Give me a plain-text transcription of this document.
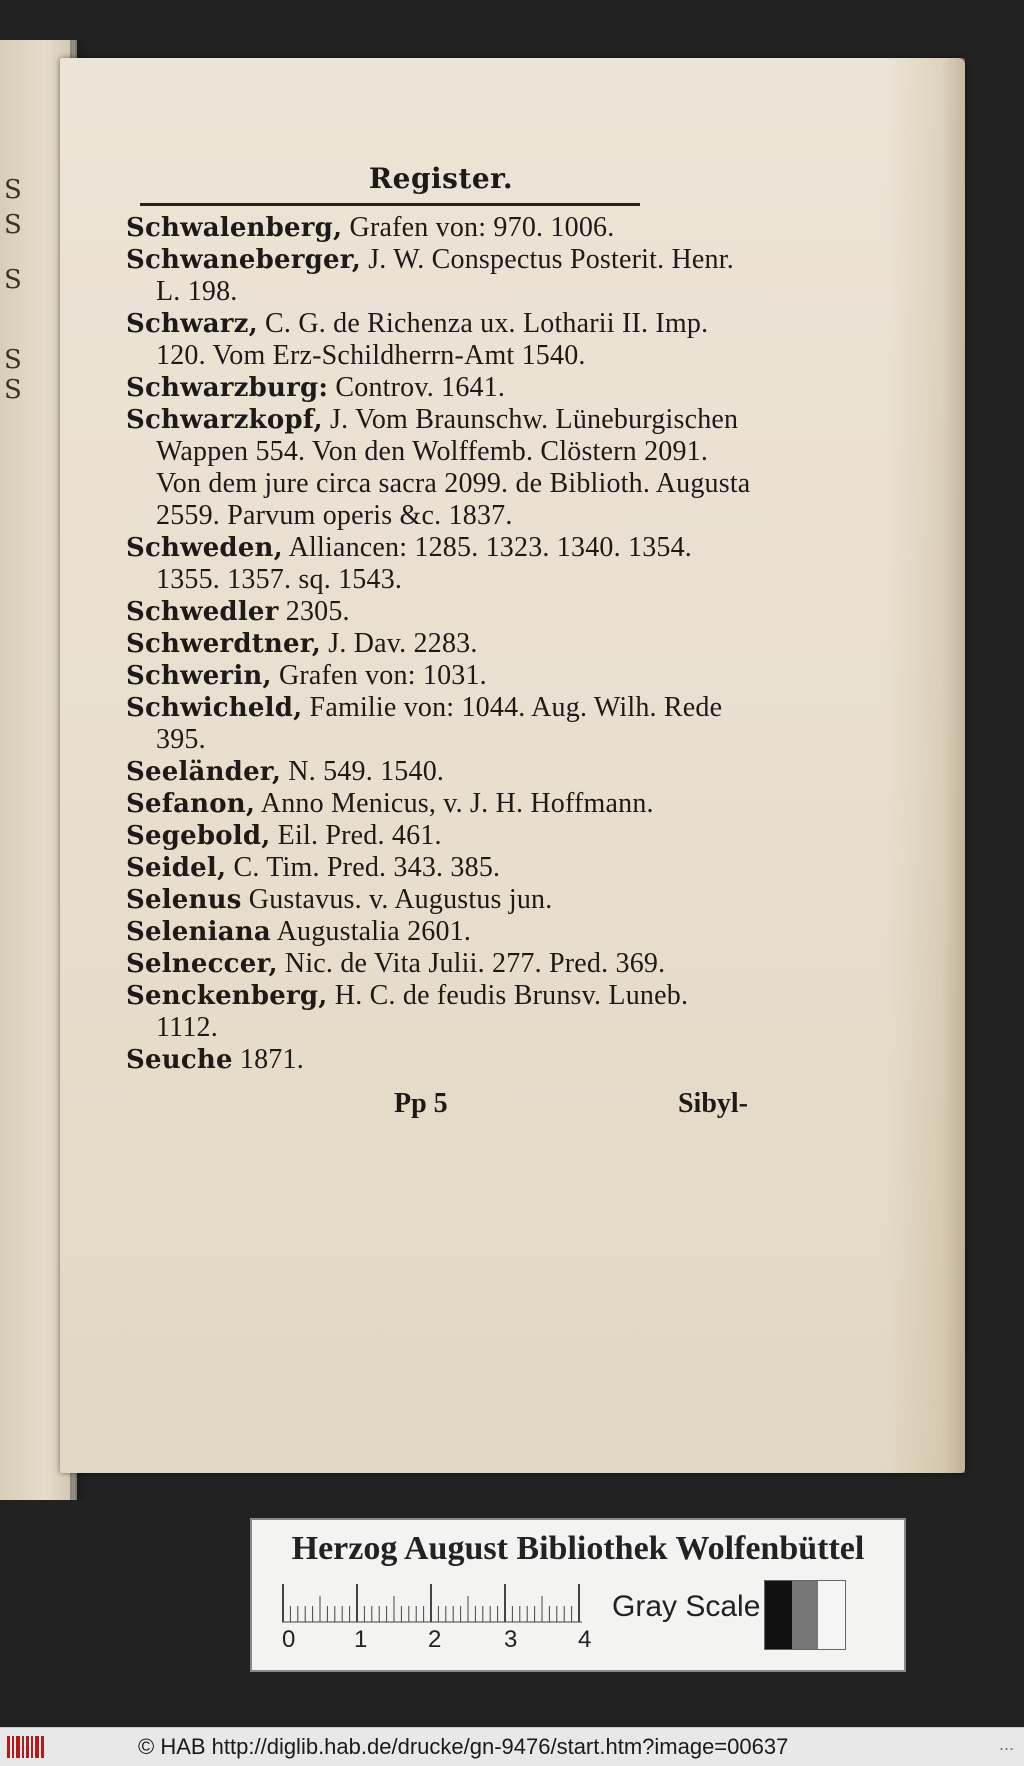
S
S
S
S
S
Register.
Schwalenberg, Grafen von: 970. 1006.
Schwaneberger, J. W. Conspectus Posterit. Henr. L. 198.
Schwarz, C. G. de Richenza ux. Lotharii II. Imp. 120. Vom Erz-Schildherrn-Amt 1540.
Schwarzburg: Controv. 1641.
Schwarzkopf, J. Vom Braunschw. Lüneburgischen Wappen 554. Von den Wolffemb. Clöstern 2091. Von dem jure circa sacra 2099. de Biblioth. Augusta 2559. Parvum operis &c. 1837.
Schweden, Alliancen: 1285. 1323. 1340. 1354. 1355. 1357. sq. 1543.
Schwedler 2305.
Schwerdtner, J. Dav. 2283.
Schwerin, Grafen von: 1031.
Schwicheld, Familie von: 1044. Aug. Wilh. Rede 395.
Seeländer, N. 549. 1540.
Sefanon, Anno Menicus, v. J. H. Hoffmann.
Segebold, Eil. Pred. 461.
Seidel, C. Tim. Pred. 343. 385.
Selenus Gustavus. v. Augustus jun.
Seleniana Augustalia 2601.
Selneccer, Nic. de Vita Julii. 277. Pred. 369.
Senckenberg, H. C. de feudis Brunsv. Luneb. 1112.
Seuche 1871.
Pp 5	Sibyl-
Herzog August Bibliothek Wolfenbüttel
0 1	2	3	4
Gray Scale
© HAB http://diglib.hab.de/drucke/gn-9476/start.htm?image=00637	...
